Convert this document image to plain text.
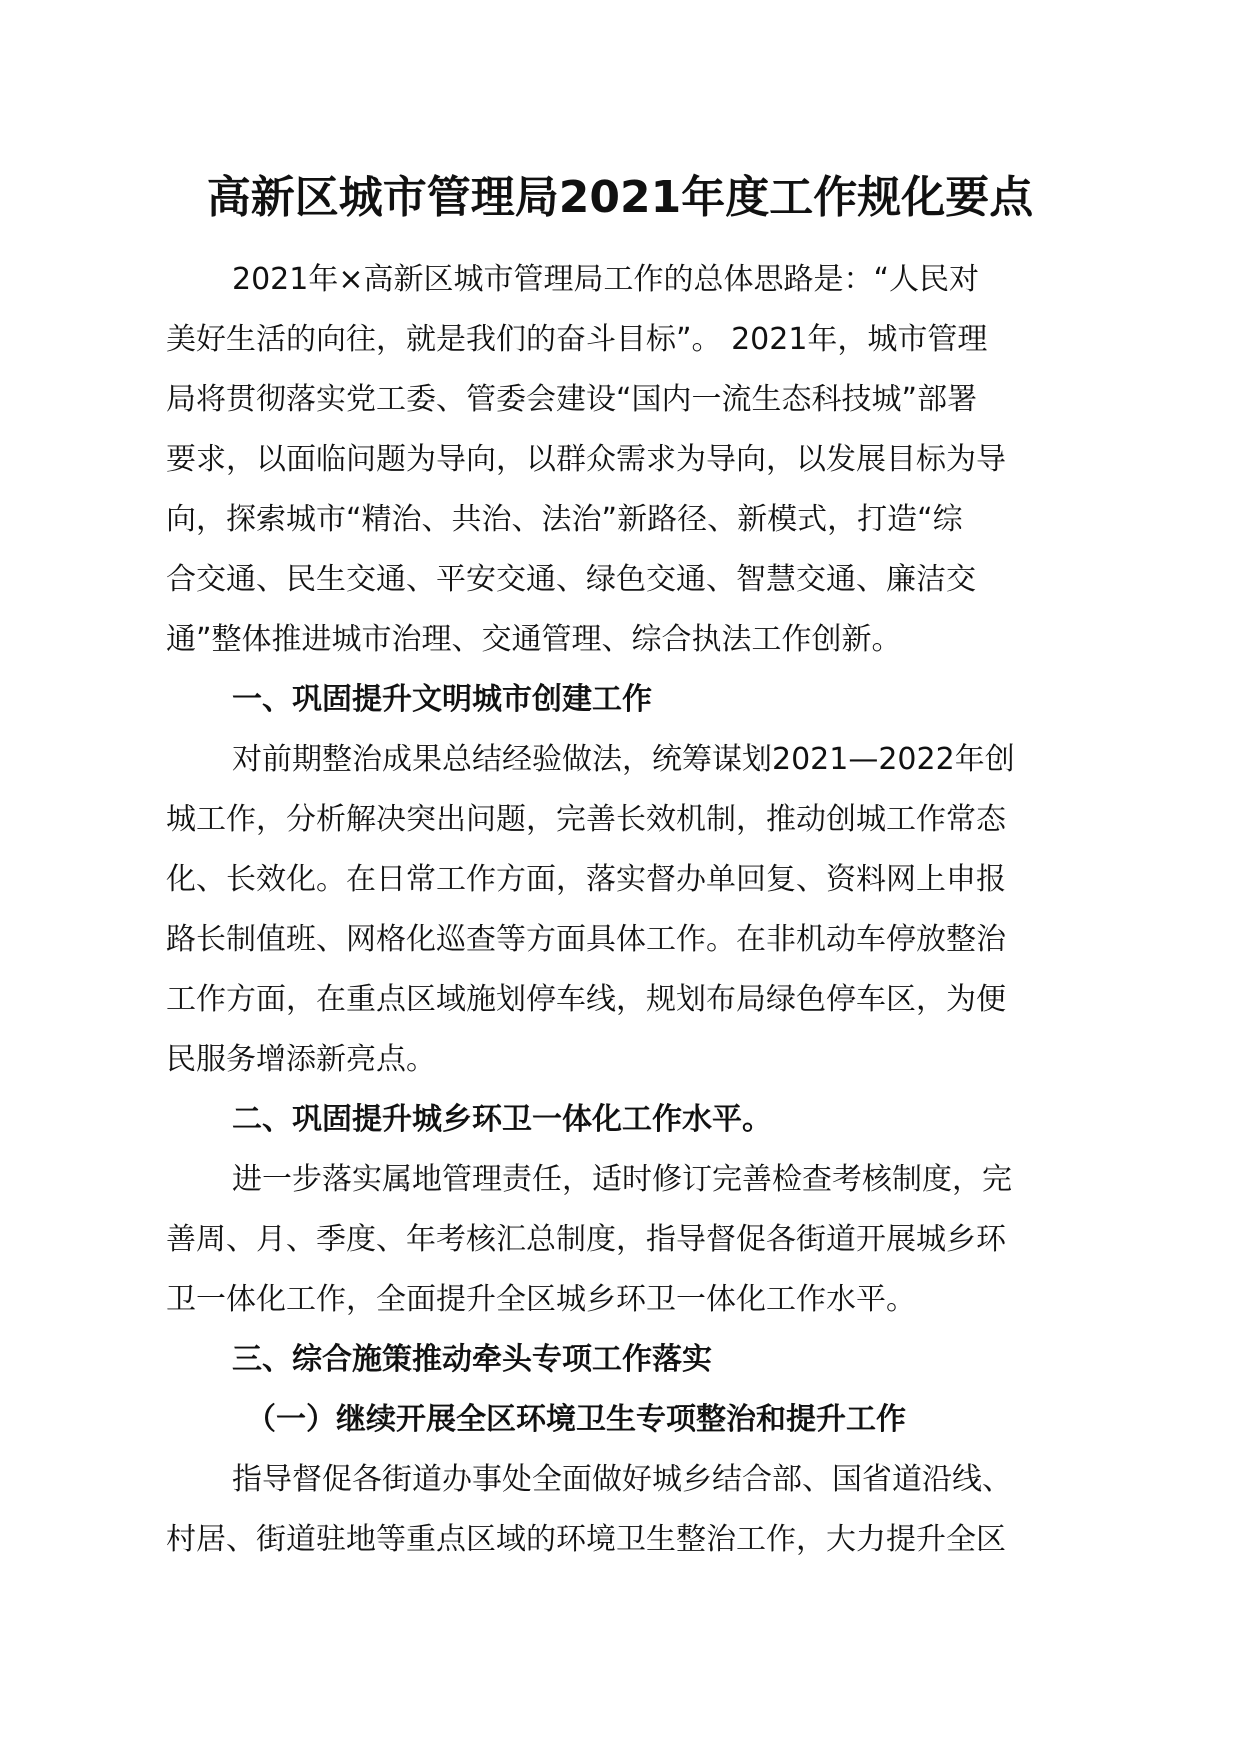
高新区城市管理局2021年度工作规化要点
2021年×高新区城市管理局工作的总体思路是：“人民对
美好生活的向往，就是我们的奋斗目标”。 2021年，城市管理
局将贯彻落实党工委、管委会建设“国内一流生态科技城”部署
要求，以面临问题为导向，以群众需求为导向，以发展目标为导
向，探索城市“精治、共治、法治”新路径、新模式，打造“综
合交通、民生交通、平安交通、绿色交通、智慧交通、廉洁交
通”整体推进城市治理、交通管理、综合执法工作创新。
一、巩固提升文明城市创建工作
对前期整治成果总结经验做法，统筹谋划2021—2022年创
城工作，分析解决突出问题，完善长效机制，推动创城工作常态
化、长效化。在日常工作方面，落实督办单回复、资料网上申报
路长制值班、网格化巡查等方面具体工作。在非机动车停放整治
工作方面，在重点区域施划停车线，规划布局绿色停车区，为便
民服务增添新亮点。
二、巩固提升城乡环卫一体化工作水平。
进一步落实属地管理责任，适时修订完善检查考核制度，完
善周、月、季度、年考核汇总制度，指导督促各街道开展城乡环
卫一体化工作，全面提升全区城乡环卫一体化工作水平。
三、综合施策推动牵头专项工作落实
（一）继续开展全区环境卫生专项整治和提升工作
指导督促各街道办事处全面做好城乡结合部、国省道沿线、
村居、街道驻地等重点区域的环境卫生整治工作，大力提升全区
